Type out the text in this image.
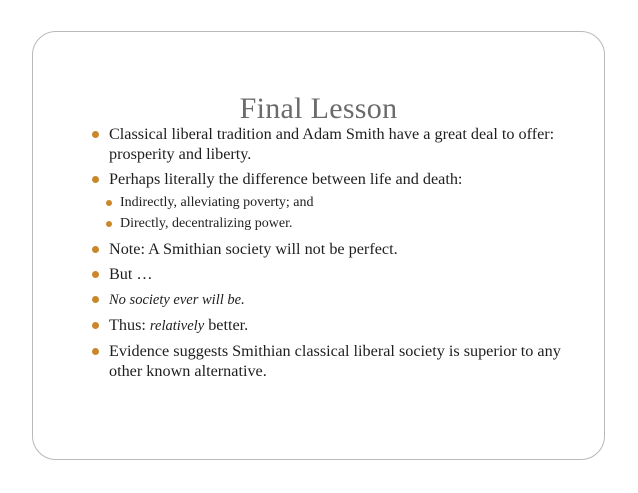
Final Lesson
Classical liberal tradition and Adam Smith have a great deal to offer: prosperity and liberty.
Perhaps literally the difference between life and death:
Indirectly, alleviating poverty; and
Directly, decentralizing power.
Note: A Smithian society will not be perfect.
But …
No society ever will be.
Thus: relatively better.
Evidence suggests Smithian classical liberal society is superior to any other known alternative.
